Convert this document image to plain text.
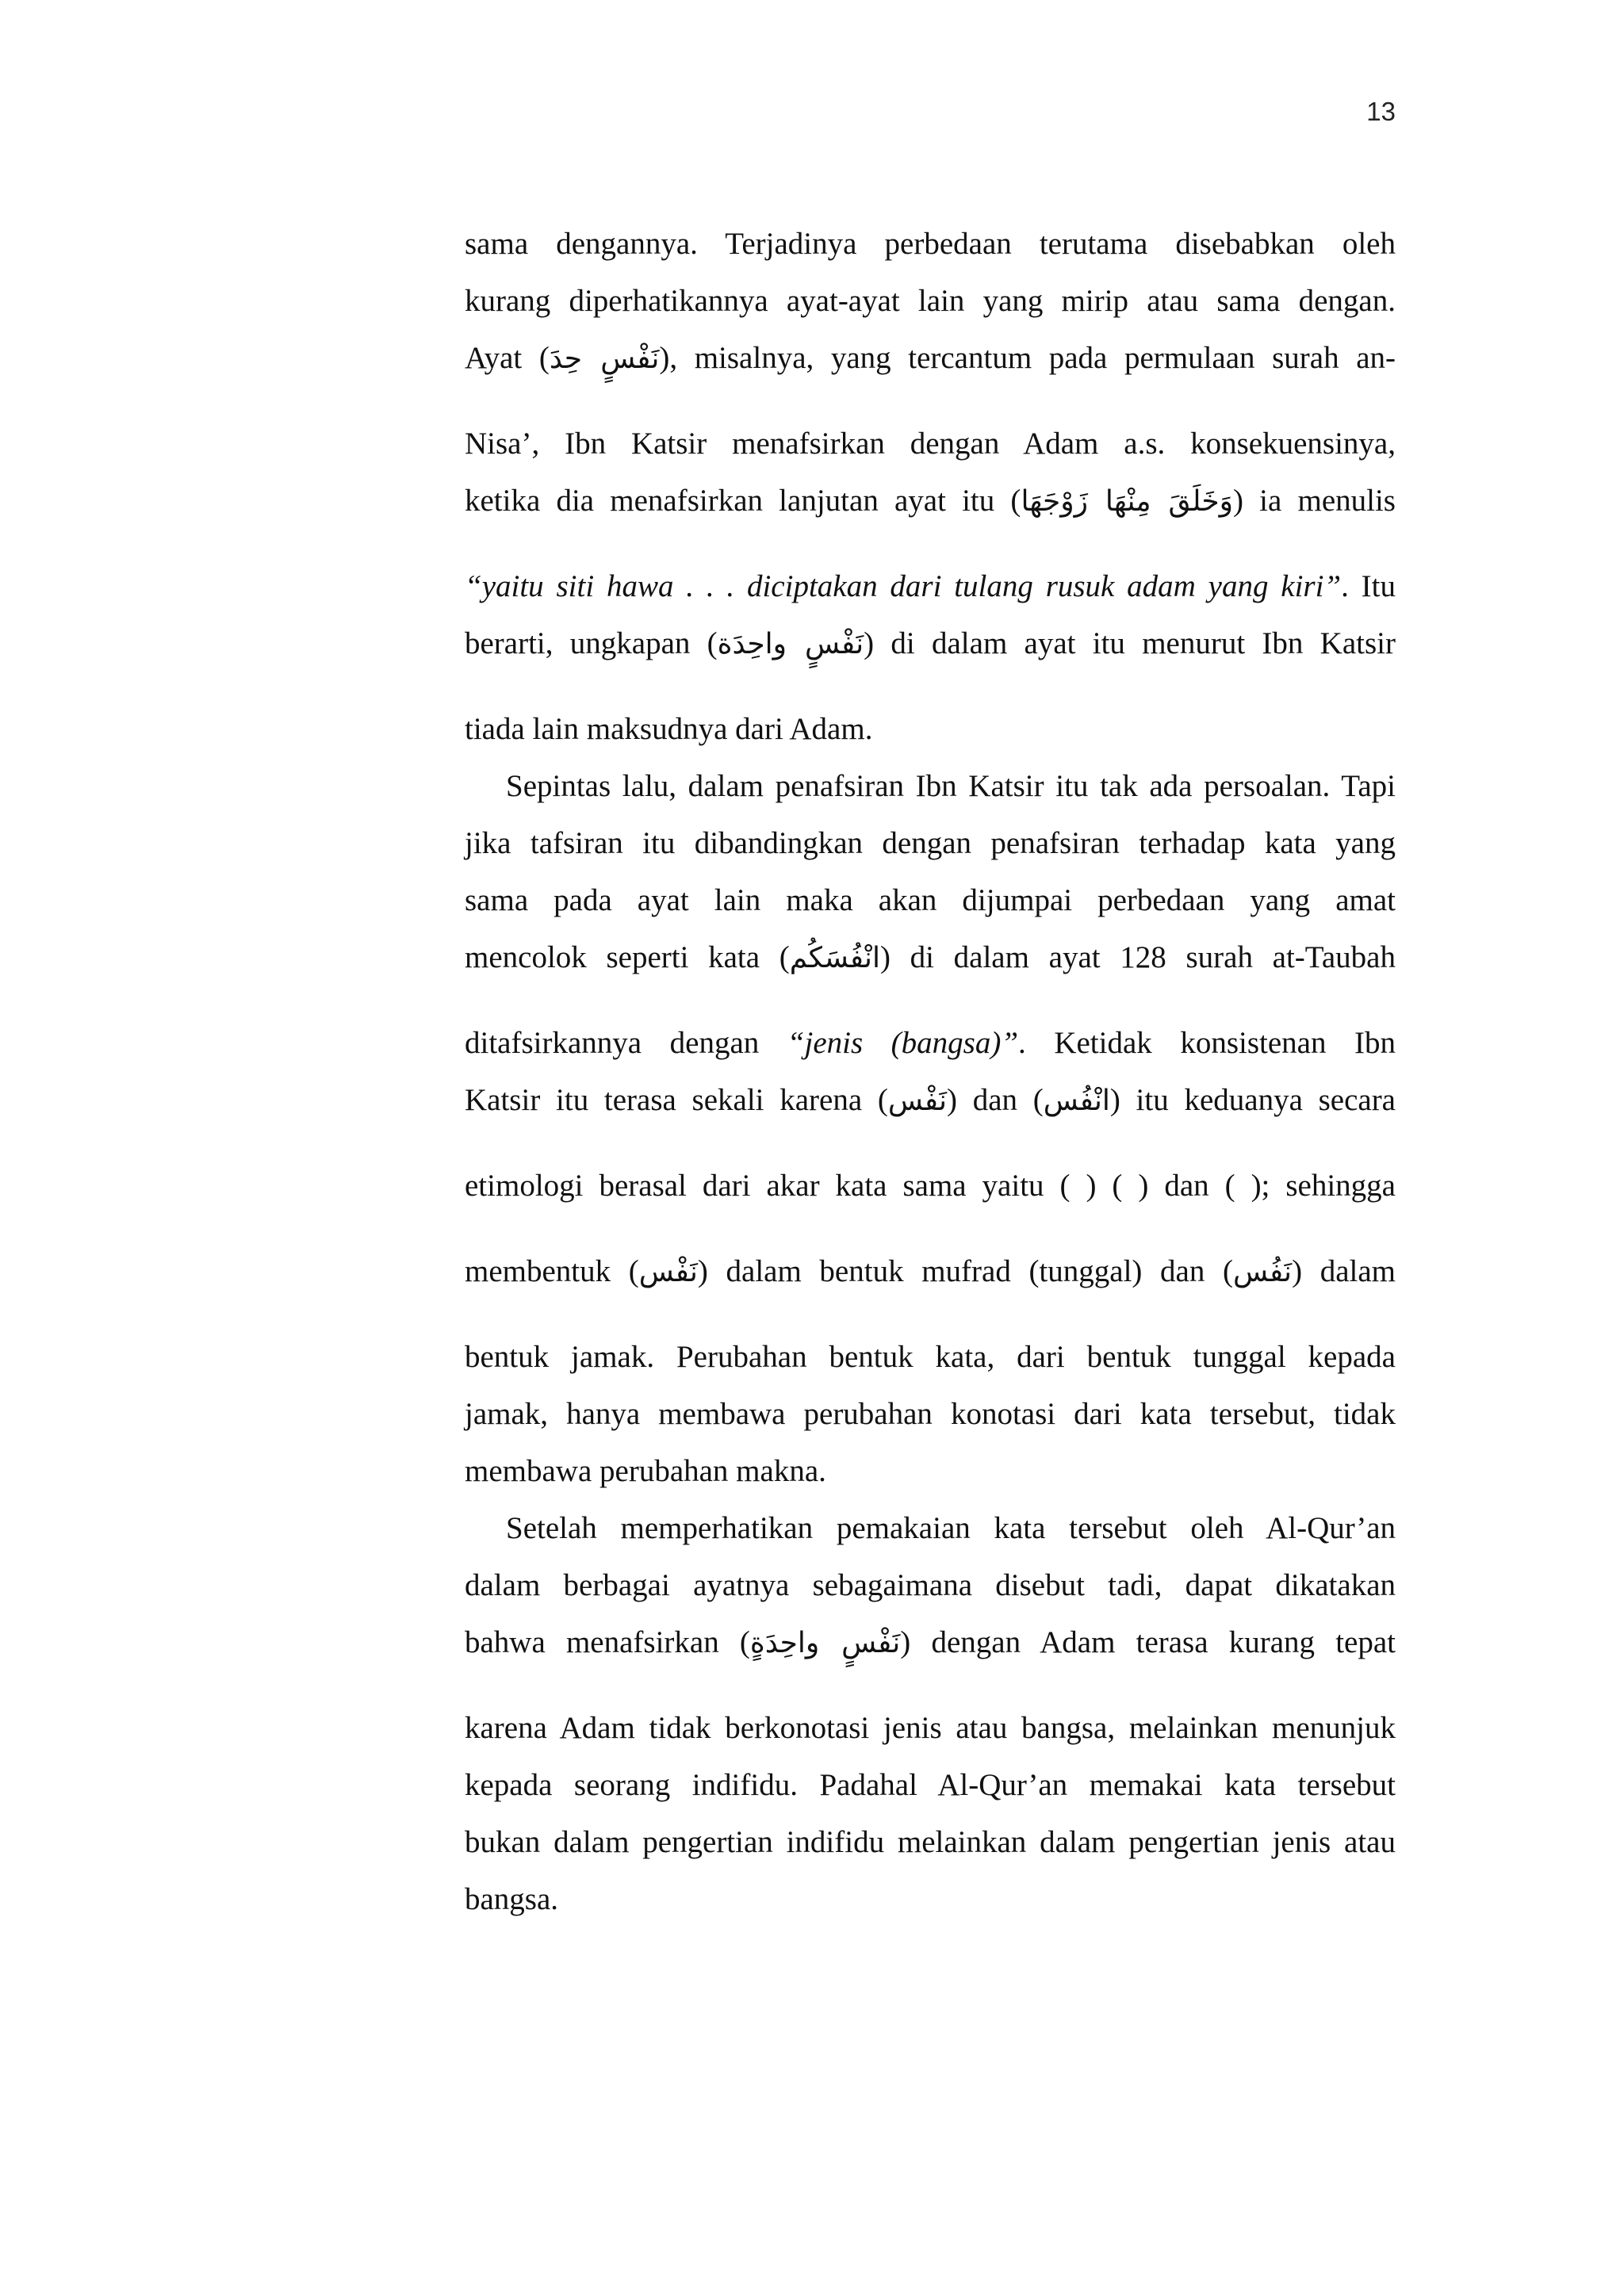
13
sama dengannya. Terjadinya perbedaan terutama disebabkan oleh
kurang diperhatikannya ayat-ayat lain yang mirip atau sama dengan.
Ayat (نَفْسٍ حِدَ), misalnya, yang tercantum pada permulaan surah an-
Nisa’, Ibn Katsir menafsirkan dengan Adam a.s. konsekuensinya,
ketika dia menafsirkan lanjutan ayat itu (وَخَلَقَ مِنْهَا زَوْجَهَا) ia menulis
“yaitu siti hawa . . . diciptakan dari tulang rusuk adam yang kiri”. Itu
berarti, ungkapan (نَفْسٍ واحِدَة) di dalam ayat itu menurut Ibn Katsir
tiada lain maksudnya dari Adam.
Sepintas lalu, dalam penafsiran Ibn Katsir itu tak ada persoalan. Tapi
jika tafsiran itu dibandingkan dengan penafsiran terhadap kata yang
sama pada ayat lain maka akan dijumpai perbedaan yang amat
mencolok seperti kata (انْفُسَكُم) di dalam ayat 128 surah at-Taubah
ditafsirkannya dengan “jenis (bangsa)”. Ketidak konsistenan Ibn
Katsir itu terasa sekali karena (نَفْس) dan (انْفُس) itu keduanya secara
etimologi berasal dari akar kata sama yaitu ( ) ( ) dan ( ); sehingga
membentuk (نَفْس) dalam bentuk mufrad (tunggal) dan (نَفُس) dalam
bentuk jamak. Perubahan bentuk kata, dari bentuk tunggal kepada
jamak, hanya membawa perubahan konotasi dari kata tersebut, tidak
membawa perubahan makna.
Setelah memperhatikan pemakaian kata tersebut oleh Al-Qur’an
dalam berbagai ayatnya sebagaimana disebut tadi, dapat dikatakan
bahwa menafsirkan (نَفْسٍ واحِدَةٍ) dengan Adam terasa kurang tepat
karena Adam tidak berkonotasi jenis atau bangsa, melainkan menunjuk
kepada seorang indifidu. Padahal Al-Qur’an memakai kata tersebut
bukan dalam pengertian indifidu melainkan dalam pengertian jenis atau
bangsa.
